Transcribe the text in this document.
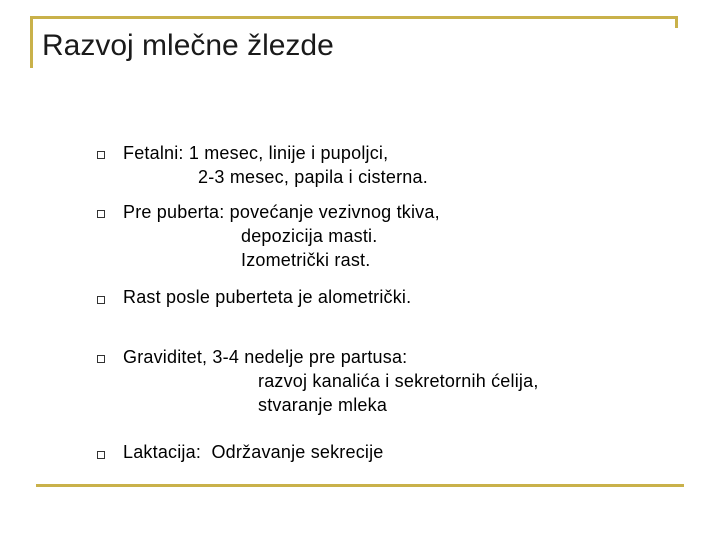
Razvoj mlečne žlezde
Fetalni: 1 mesec, linije i pupoljci,
2-3 mesec, papila i cisterna.
Pre puberta: povećanje vezivnog tkiva,
depozicija masti.
Izometrički rast.
Rast posle puberteta je alometrički.
Graviditet, 3-4 nedelje pre partusa:
razvoj kanalića i sekretornih ćelija,
stvaranje mleka
Laktacija:  Održavanje sekrecije
